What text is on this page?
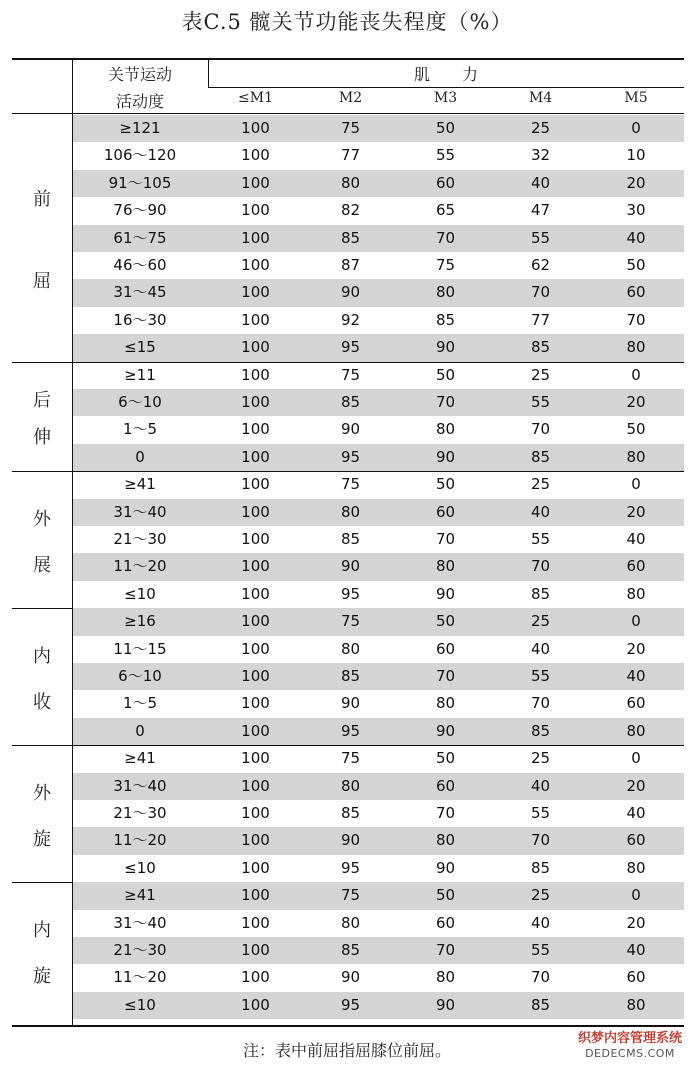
表C.5 髋关节功能丧失程度（%）
关节运动
活动度
肌　　力
≤M1	M2	M3	M4	M5
≥121	100	75	50	25	0
106～120	100	77	55	32	10
91～105	100	80	60	40	20
76～90	100	82	65	47	30
61～75	100	85	70	55	40
46～60	100	87	75	62	50
31～45	100	90	80	70	60
16～30	100	92	85	77	70
≤15	100	95	90	85	80
前
屈
≥11	100	75	50	25	0
6～10	100	85	70	55	20
1～5	100	90	80	70	50
0	100	95	90	85	80
后
伸
≥41	100	75	50	25	0
31～40	100	80	60	40	20
21～30	100	85	70	55	40
11～20	100	90	80	70	60
≤10	100	95	90	85	80
外
展
≥16	100	75	50	25	0
11～15	100	80	60	40	20
6～10	100	85	70	55	40
1～5	100	90	80	70	60
0	100	95	90	85	80
内
收
≥41	100	75	50	25	0
31～40	100	80	60	40	20
21～30	100	85	70	55	40
11～20	100	90	80	70	60
≤10	100	95	90	85	80
外
旋
≥41	100	75	50	25	0
31～40	100	80	60	40	20
21～30	100	85	70	55	40
11～20	100	90	80	70	60
≤10	100	95	90	85	80
内
旋
注：表中前屈指屈膝位前屈。
织梦内容管理系统
DEDECMS.COM
